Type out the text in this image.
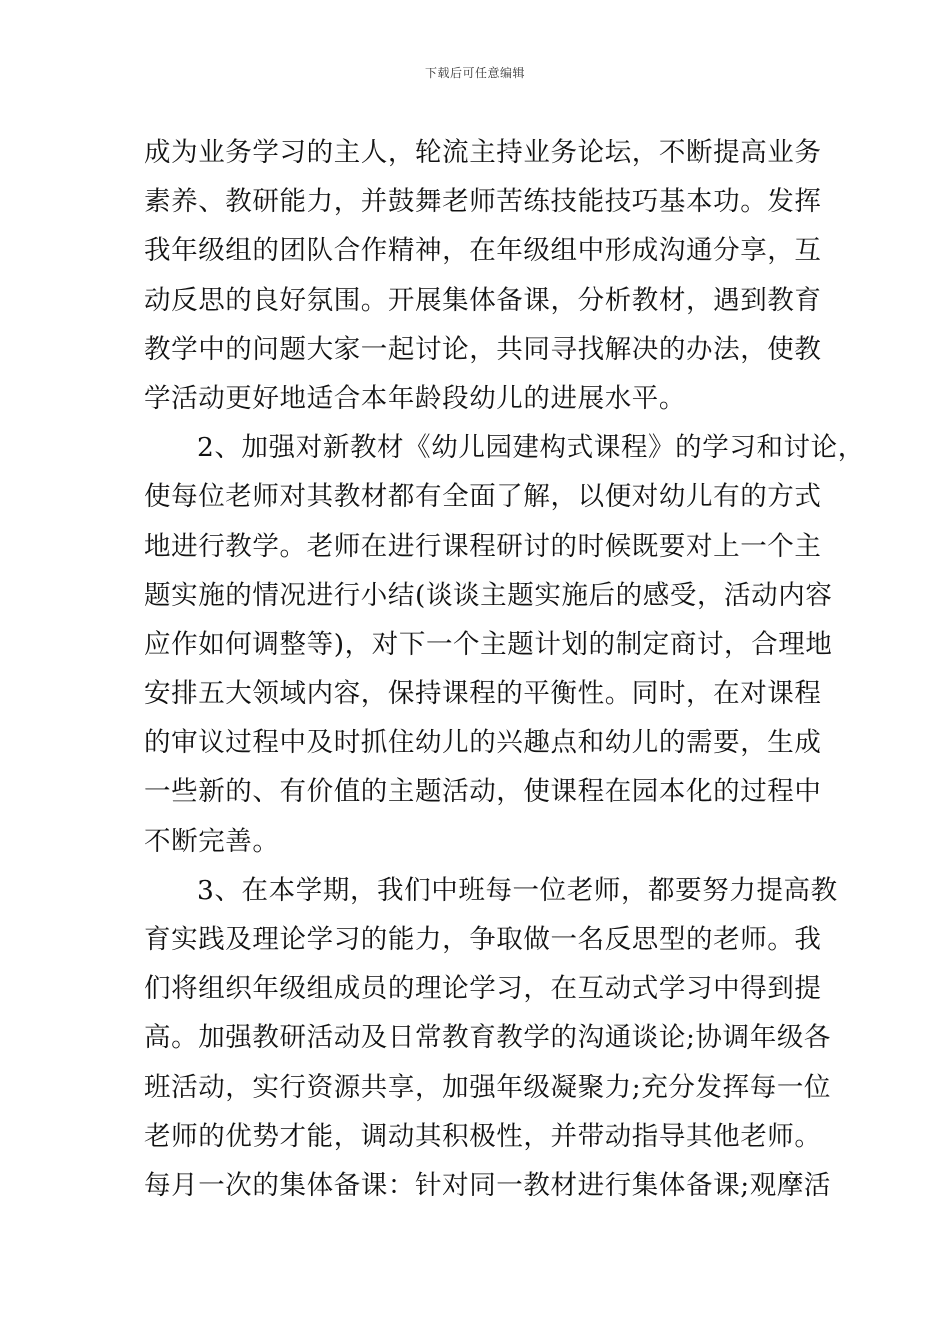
下载后可任意编辑
成为业务学习的主人，轮流主持业务论坛，不断提高业务
素养、教研能力，并鼓舞老师苦练技能技巧基本功。发挥
我年级组的团队合作精神，在年级组中形成沟通分享，互
动反思的良好氛围。开展集体备课，分析教材，遇到教育
教学中的问题大家一起讨论，共同寻找解决的办法，使教
学活动更好地适合本年龄段幼儿的进展水平。
2、加强对新教材《幼儿园建构式课程》的学习和讨论，
使每位老师对其教材都有全面了解，以便对幼儿有的方式
地进行教学。老师在进行课程研讨的时候既要对上一个主
题实施的情况进行小结(谈谈主题实施后的感受，活动内容
应作如何调整等)，对下一个主题计划的制定商讨，合理地
安排五大领域内容，保持课程的平衡性。同时，在对课程
的审议过程中及时抓住幼儿的兴趣点和幼儿的需要，生成
一些新的、有价值的主题活动，使课程在园本化的过程中
不断完善。
3、在本学期，我们中班每一位老师，都要努力提高教
育实践及理论学习的能力，争取做一名反思型的老师。我
们将组织年级组成员的理论学习，在互动式学习中得到提
高。加强教研活动及日常教育教学的沟通谈论;协调年级各
班活动，实行资源共享，加强年级凝聚力;充分发挥每一位
老师的优势才能，调动其积极性，并带动指导其他老师。
每月一次的集体备课：针对同一教材进行集体备课;观摩活
